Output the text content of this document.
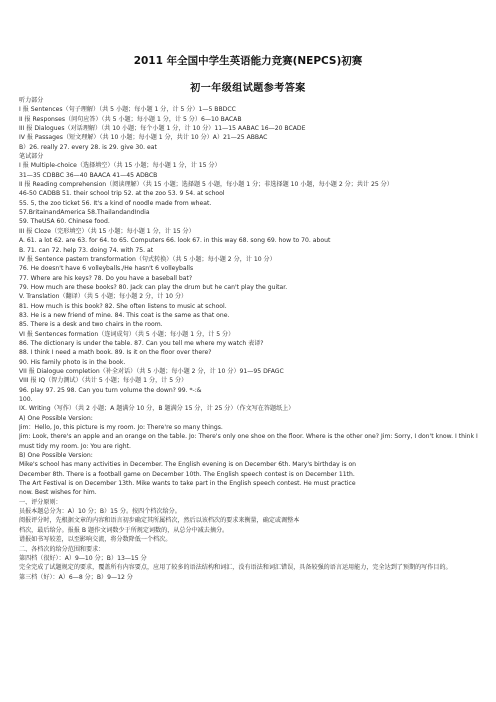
2011 年全国中学生英语能力竞赛(NEPCS)初赛
初一年级组试题参考答案
听力部分
I 报 Sentences（句子理解）（共 5 小题；每小题 1 分，计 5 分）1—5 BBDCC
II 报 Responses（问句应答）（共 5 小题；每小题 1 分，计 5 分）6—10 BACAB
III 报 Dialogues（对话理解）（共 10 小题；每个小题 1 分，计 10 分）11—15 AABAC 16—20 BCADE
IV 报 Passages（短文理解）（共 10 小题；每小题 1 分，共计 10 分）A）21—25 ABBAC
B）26. really 27. every 28. is 29. give 30. eat
笔试部分
I 报 Multiple-choice（选择填空）（共 15 小题；每小题 1 分，计 15 分）
31—35 CDBBC 36—40 BAACA 41—45 ADBCB
II 报 Reading comprehension（阅读理解）（共 15 小题；选择题 5 小题，每小题 1 分；非选择题 10 小题，每小题 2 分；共计 25 分）
46-50 CADBB 51. their school trip 52. at the zoo 53. 9 54. at school
55. 5, the zoo ticket 56. It's a kind of noodle made from wheat.
57.BritainandAmerica 58.ThailandandIndia
59. TheUSA 60. Chinese food.
III 报 Cloze（完形填空）（共 15 小题；每小题 1 分，计 15 分）
A. 61. a lot 62. are 63. for 64. to 65. Computers 66. look 67. in this way 68. song 69. how to 70. about
B. 71. can 72. help 73. doing 74. with 75. at
IV 报 Sentence pastern transformation（句式转换）（共 5 小题；每小题 2 分，计 10 分）
76. He doesn't have 6 volleyballs./He hasn't 6 volleyballs
77. Where are his keys? 78. Do you have a baseball bat?
79. How much are these books? 80. Jack can play the drum but he can't play the guitar.
V. Translation（翻译）（共 5 小题；每小题 2 分，计 10 分）
81. How much is this book? 82. She often listens to music at school.
83. He is a new friend of mine. 84. This coat is the same as that one.
85. There is a desk and two chairs in the room.
VI 报 Sentences formation（连词成句）（共 5 小题；每小题 1 分，计 5 分）
86. The dictionary is under the table. 87. Can you tell me where my watch 表译?
88. I think I need a math book. 89. Is it on the floor over there?
90. His family photo is in the book.
VII 报 Dialogue completion（补全对话）（共 5 小题；每小题 2 分，计 10 分）91—95 DFAGC
VIII 报 IQ（智力测试）（共计 5 小题；每小题 1 分，计 5 分）
96. play 97. 25 98. Can you turn volume the down? 99. *-:&
100.
IX. Writing（写作）（共 2 小题；A 题满分 10 分，B 题满分 15 分，计 25 分）（作文写在答题纸上）
A) One Possible Version:
Jim：Hello, Jo, this picture is my room. Jo: There're so many things.
Jim: Look, there's an apple and an orange on the table. Jo: There's only one shoe on the floor. Where is the other one? Jim: Sorry, I don't know. I think I must tidy my room. Jo: You are right.
B) One Possible Version:
Mike's school has many activities in December. The English evening is on December 6th. Mary's birthday is on
December 8th. There is a football game on December 10th. The English speech contest is on December 11th.
The Art Festival is on December 13th. Mike wants to take part in the English speech contest. He must practice
now. Best wishes for him.
一、评分原则：
员报本题总分为：A）10 分；B）15 分。按四个档次给分。
阅报评分时，先根据文章的内容和语言初步确定其所属档次，然后以该档次的要求来衡量，确定或调整本
档次，最后给分。报报 B 题作文词数少于所规定词数的，从总分中减去摘分。
谱报如书写较差，以至影响交流，将分数降低一个档次。
二、各档次的给分范围和要求：
第四档（很好）：A）9—10 分；B）13—15 分
完全完成了试题规定的要求，覆盖所有内容要点，应用了较多的语法结构和词汇，没有语法和词汇错误，具备较强的语言运用能力，完全达到了预期的写作目的。
第三档（好）：A）6—8 分；B）9—12 分
